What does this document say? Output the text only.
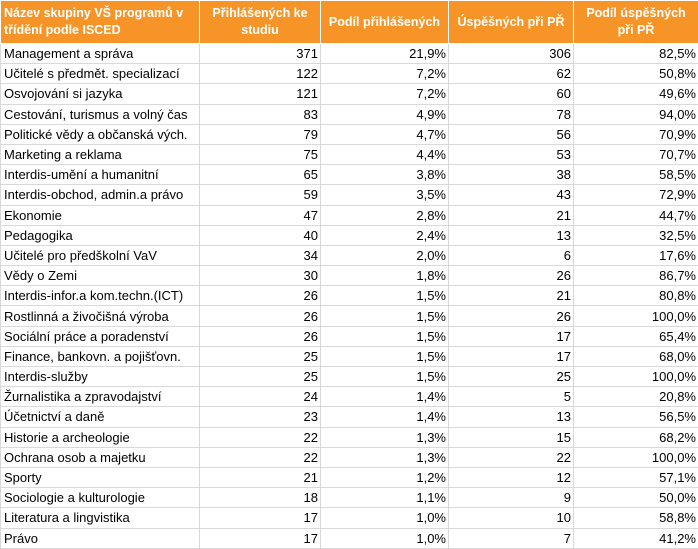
Název skupiny VŠ programů v třídění podle ISCED	Přihlášených ke studiu	Podíl přihlášených	Úspěšných při PŘ	Podíl úspěšných při PŘ
Management a správa	371	21,9%	306	82,5%
Učitelé s předmět. specializací	122	7,2%	62	50,8%
Osvojování si jazyka	121	7,2%	60	49,6%
Cestování, turismus a volný čas	83	4,9%	78	94,0%
Politické vědy a občanská vých.	79	4,7%	56	70,9%
Marketing a reklama	75	4,4%	53	70,7%
Interdis-umění a humanitní	65	3,8%	38	58,5%
Interdis-obchod, admin.a právo	59	3,5%	43	72,9%
Ekonomie	47	2,8%	21	44,7%
Pedagogika	40	2,4%	13	32,5%
Učitelé pro předškolní VaV	34	2,0%	6	17,6%
Vědy o Zemi	30	1,8%	26	86,7%
Interdis-infor.a kom.techn.(ICT)	26	1,5%	21	80,8%
Rostlinná a živočišná výroba	26	1,5%	26	100,0%
Sociální práce a poradenství	26	1,5%	17	65,4%
Finance, bankovn. a pojišťovn.	25	1,5%	17	68,0%
Interdis-služby	25	1,5%	25	100,0%
Žurnalistika a zpravodajství	24	1,4%	5	20,8%
Účetnictví a daně	23	1,4%	13	56,5%
Historie a archeologie	22	1,3%	15	68,2%
Ochrana osob a majetku	22	1,3%	22	100,0%
Sporty	21	1,2%	12	57,1%
Sociologie a kulturologie	18	1,1%	9	50,0%
Literatura a lingvistika	17	1,0%	10	58,8%
Právo	17	1,0%	7	41,2%
